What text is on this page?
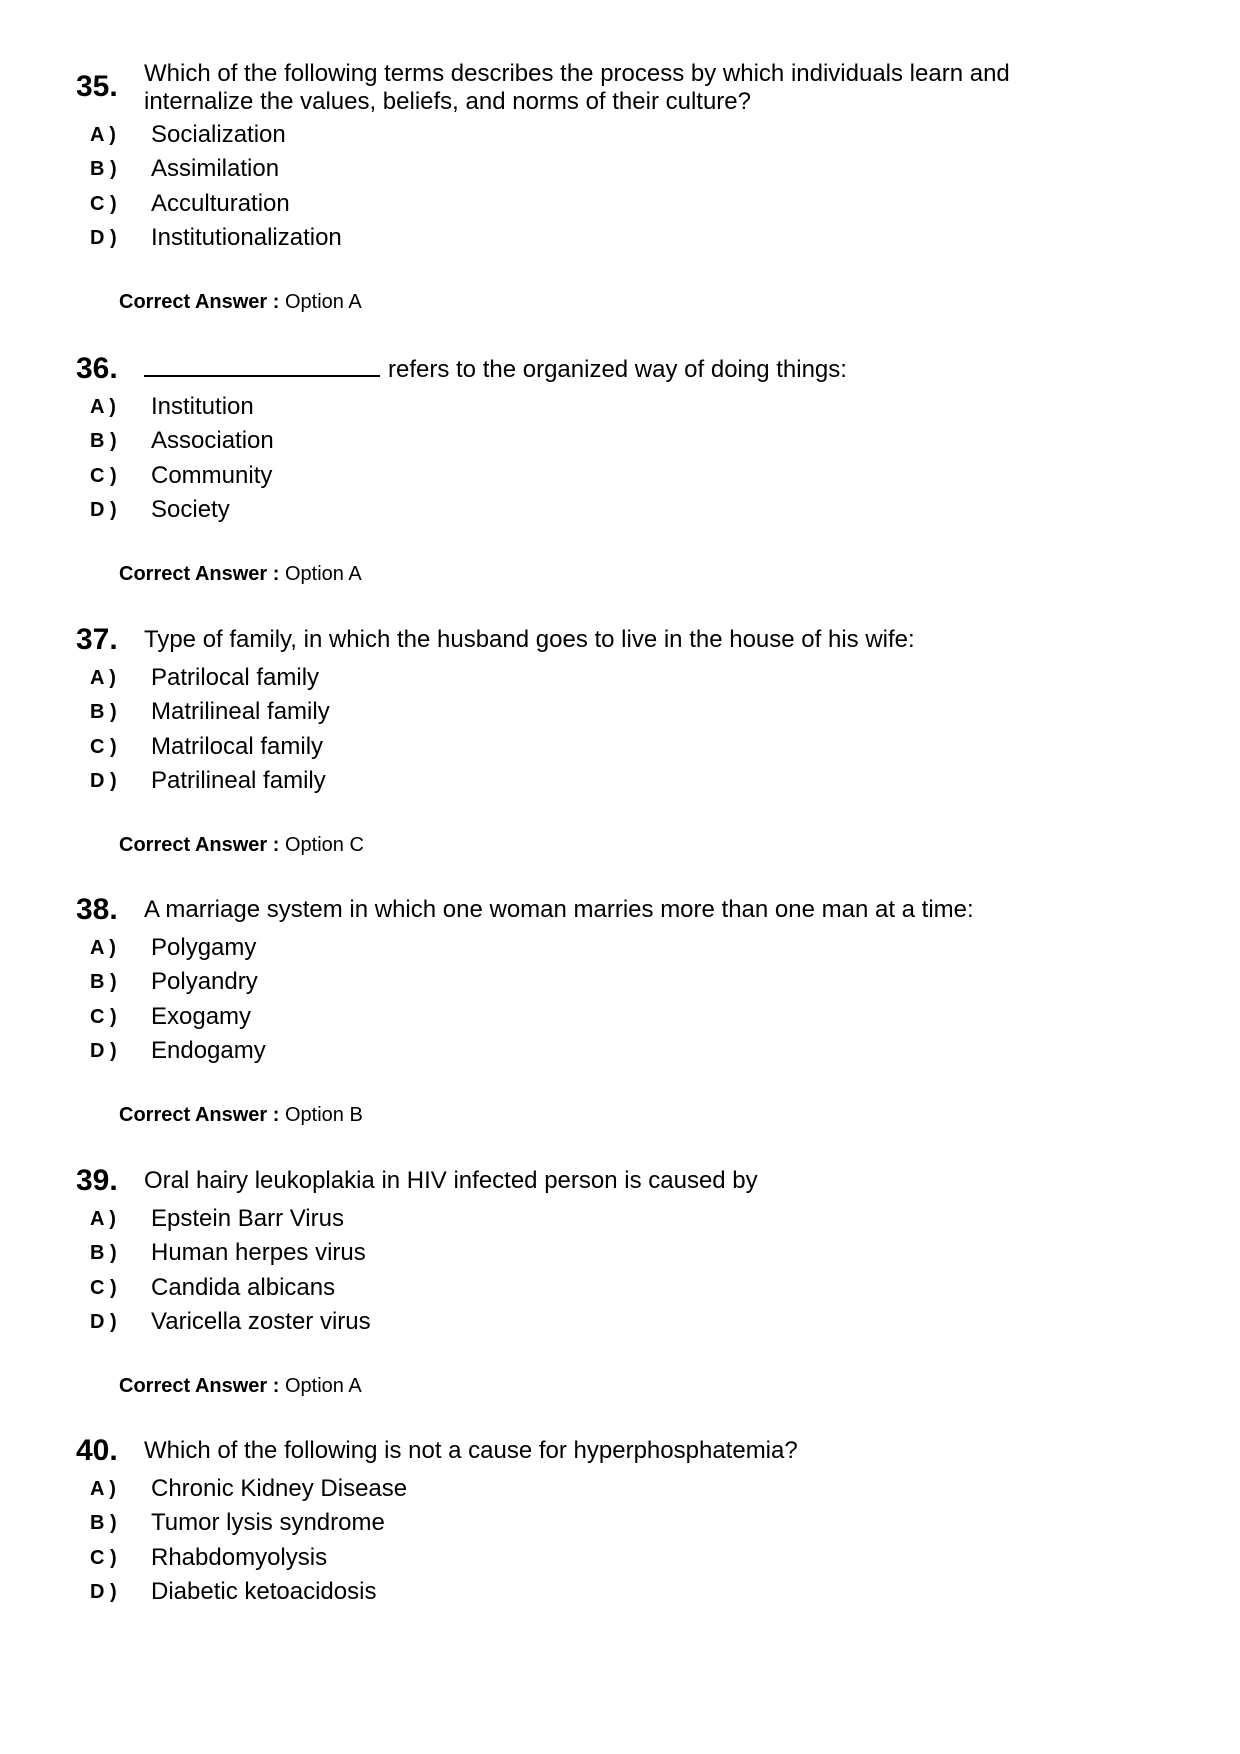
35. Which of the following terms describes the process by which individuals learn and internalize the values, beliefs, and norms of their culture?
A ) Socialization
B ) Assimilation
C ) Acculturation
D ) Institutionalization
Correct Answer : Option A
36.	refers to the organized way of doing things:
A ) Institution
B ) Association
C ) Community
D ) Society
Correct Answer : Option A
37. Type of family, in which the husband goes to live in the house of his wife:
A ) Patrilocal family
B ) Matrilineal family
C ) Matrilocal family
D ) Patrilineal family
Correct Answer : Option C
38. A marriage system in which one woman marries more than one man at a time:
A ) Polygamy
B ) Polyandry
C ) Exogamy
D ) Endogamy
Correct Answer : Option B
39. Oral hairy leukoplakia in HIV infected person is caused by
A ) Epstein Barr Virus
B ) Human herpes virus
C ) Candida albicans
D ) Varicella zoster virus
Correct Answer : Option A
40. Which of the following is not a cause for hyperphosphatemia?
A ) Chronic Kidney Disease
B ) Tumor lysis syndrome
C ) Rhabdomyolysis
D ) Diabetic ketoacidosis
